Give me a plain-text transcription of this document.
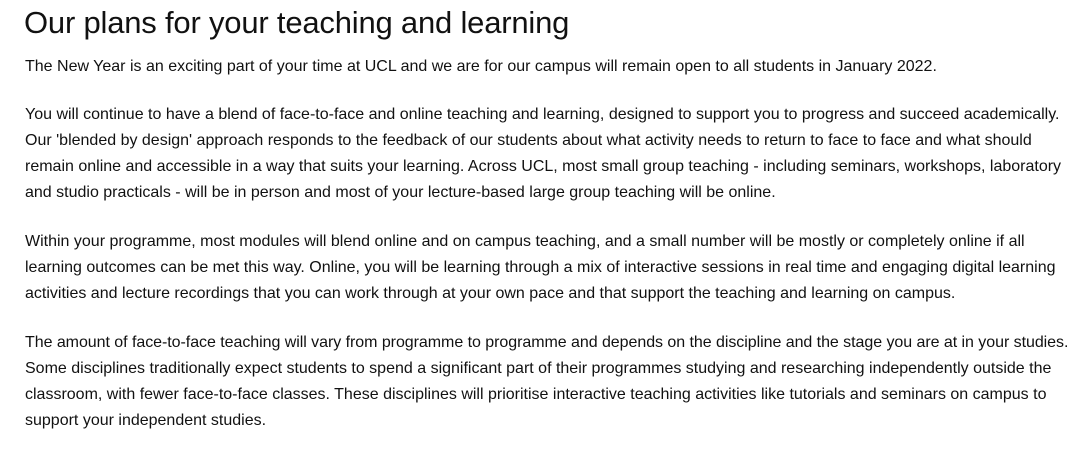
Our plans for your teaching and learning

The New Year is an exciting part of your time at UCL and we are for our campus will remain open to all students in January 2022.

You will continue to have a blend of face-to-face and online teaching and learning, designed to support you to progress and succeed academically.
Our 'blended by design' approach responds to the feedback of our students about what activity needs to return to face to face and what should
remain online and accessible in a way that suits your learning. Across UCL, most small group teaching - including seminars, workshops, laboratory
and studio practicals - will be in person and most of your lecture-based large group teaching will be online.

Within your programme, most modules will blend online and on campus teaching, and a small number will be mostly or completely online if all
learning outcomes can be met this way. Online, you will be learning through a mix of interactive sessions in real time and engaging digital learning
activities and lecture recordings that you can work through at your own pace and that support the teaching and learning on campus.

The amount of face-to-face teaching will vary from programme to programme and depends on the discipline and the stage you are at in your studies.
Some disciplines traditionally expect students to spend a significant part of their programmes studying and researching independently outside the
classroom, with fewer face-to-face classes. These disciplines will prioritise interactive teaching activities like tutorials and seminars on campus to
support your independent studies.
